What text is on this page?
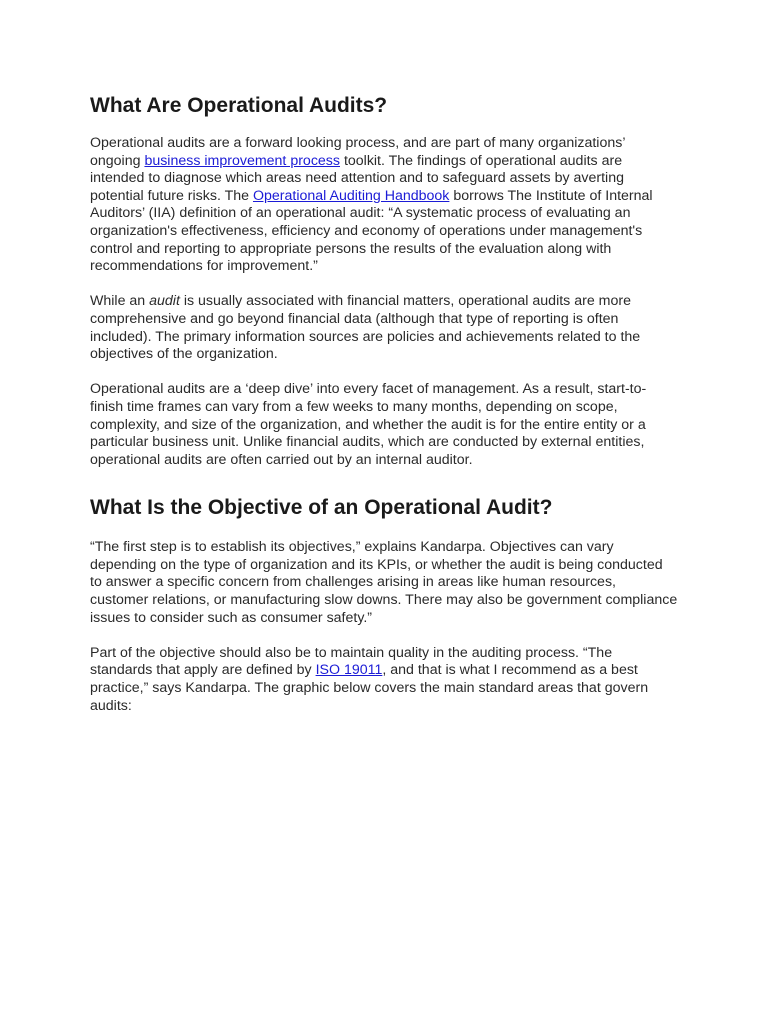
What Are Operational Audits?

Operational audits are a forward looking process, and are part of many organizations’ ongoing business improvement process toolkit. The findings of operational audits are intended to diagnose which areas need attention and to safeguard assets by averting potential future risks. The Operational Auditing Handbook borrows The Institute of Internal Auditors’ (IIA) definition of an operational audit: “A systematic process of evaluating an organization's effectiveness, efficiency and economy of operations under management's control and reporting to appropriate persons the results of the evaluation along with recommendations for improvement.”

While an audit is usually associated with financial matters, operational audits are more comprehensive and go beyond financial data (although that type of reporting is often included). The primary information sources are policies and achievements related to the objectives of the organization.

Operational audits are a ‘deep dive’ into every facet of management. As a result, start-to-finish time frames can vary from a few weeks to many months, depending on scope, complexity, and size of the organization, and whether the audit is for the entire entity or a particular business unit. Unlike financial audits, which are conducted by external entities, operational audits are often carried out by an internal auditor.

What Is the Objective of an Operational Audit?

“The first step is to establish its objectives,” explains Kandarpa. Objectives can vary depending on the type of organization and its KPIs, or whether the audit is being conducted to answer a specific concern from challenges arising in areas like human resources, customer relations, or manufacturing slow downs. There may also be government compliance issues to consider such as consumer safety.”

Part of the objective should also be to maintain quality in the auditing process. “The standards that apply are defined by ISO 19011, and that is what I recommend as a best practice,” says Kandarpa. The graphic below covers the main standard areas that govern audits:
